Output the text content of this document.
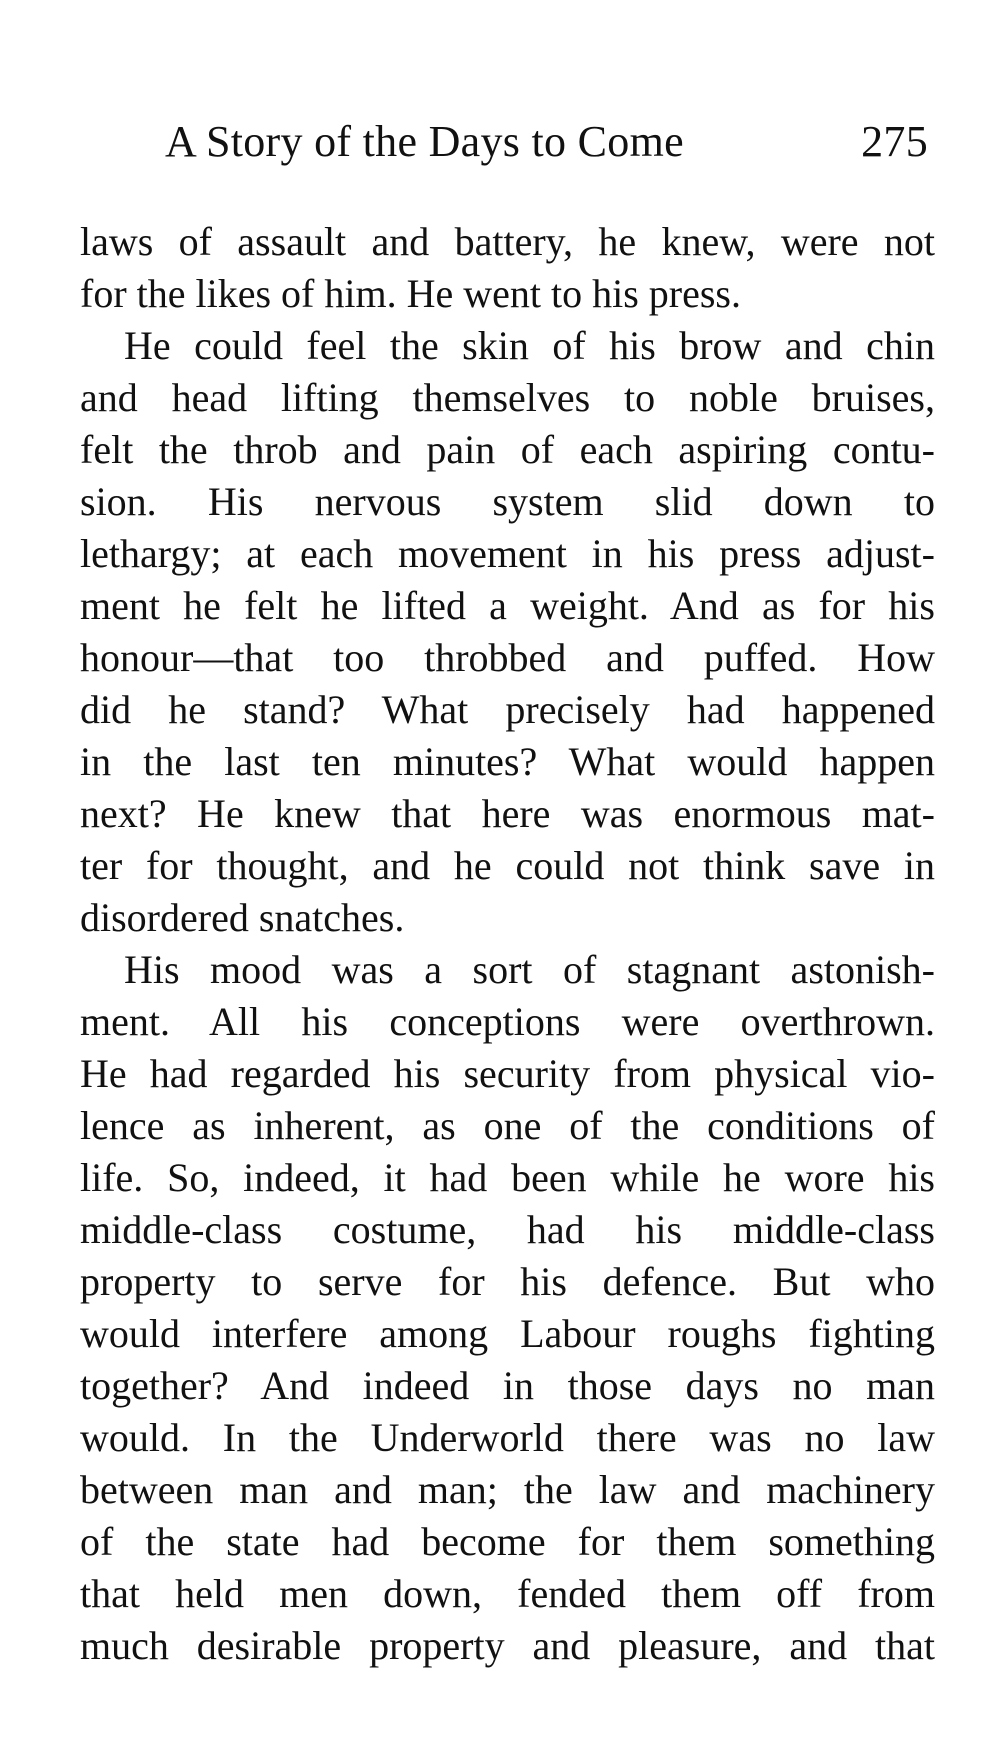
A Story of the Days to Come	275

laws of assault and battery, he knew, were not
for the likes of him. He went to his press.

He could feel the skin of his brow and chin
and head lifting themselves to noble bruises,
felt the throb and pain of each aspiring contu-
sion. His nervous system slid down to
lethargy; at each movement in his press adjust-
ment he felt he lifted a weight. And as for his
honour—that too throbbed and puffed. How
did he stand? What precisely had happened
in the last ten minutes? What would happen
next? He knew that here was enormous mat-
ter for thought, and he could not think save in
disordered snatches.

His mood was a sort of stagnant astonish-
ment. All his conceptions were overthrown.
He had regarded his security from physical vio-
lence as inherent, as one of the conditions of
life. So, indeed, it had been while he wore his
middle-class costume, had his middle-class
property to serve for his defence. But who
would interfere among Labour roughs fighting
together? And indeed in those days no man
would. In the Underworld there was no law
between man and man; the law and machinery
of the state had become for them something
that held men down, fended them off from
much desirable property and pleasure, and that
